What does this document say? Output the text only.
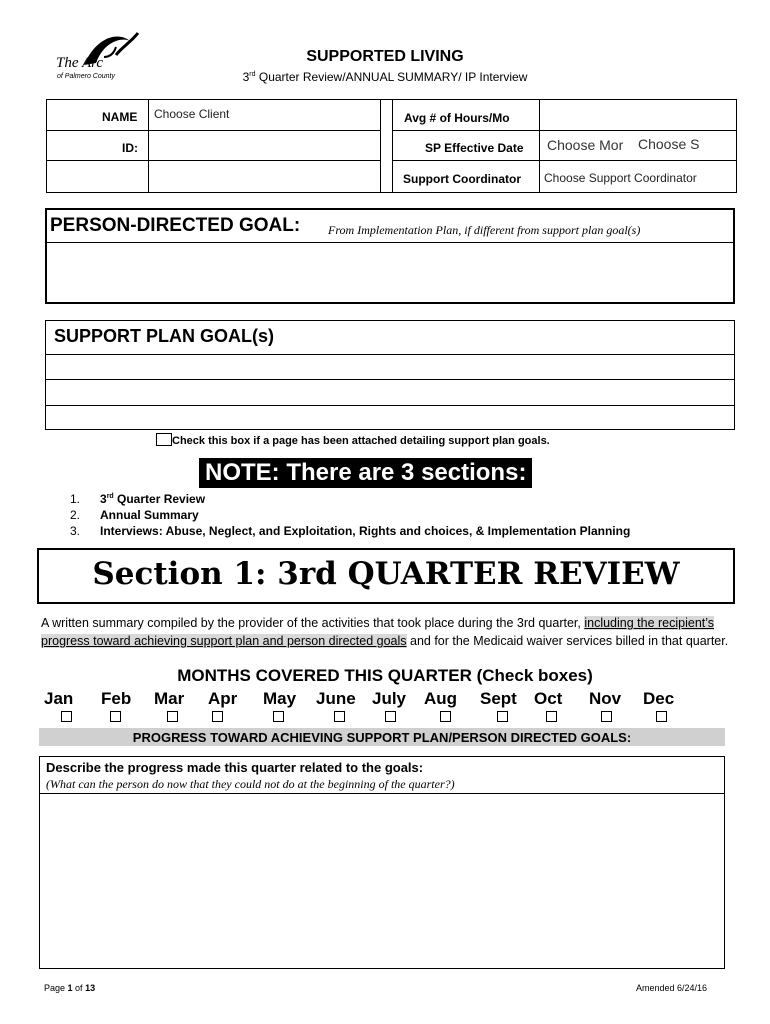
The Arc
of Palmero County
SUPPORTED LIVING
3rd Quarter Review/ANNUAL SUMMARY/ IP Interview
NAME Choose Client
ID:
Avg # of Hours/Mo
SP Effective Date Choose Mor Choose S
Support Coordinator Choose Support Coordinator
PERSON-DIRECTED GOAL: From Implementation Plan, if different from support plan goal(s)
SUPPORT PLAN GOAL(s)
Check this box if a page has been attached detailing support plan goals.
NOTE: There are 3 sections:
1. 3rd Quarter Review
2. Annual Summary
3. Interviews: Abuse, Neglect, and Exploitation, Rights and choices, & Implementation Planning
Section 1: 3rd QUARTER REVIEW
A written summary compiled by the provider of the activities that took place during the 3rd quarter, including the recipient’s progress toward achieving support plan and person directed goals and for the Medicaid waiver services billed in that quarter.
MONTHS COVERED THIS QUARTER (Check boxes)
Jan Feb Mar Apr May June July Aug Sept Oct Nov Dec
PROGRESS TOWARD ACHIEVING SUPPORT PLAN/PERSON DIRECTED GOALS:
Describe the progress made this quarter related to the goals:
(What can the person do now that they could not do at the beginning of the quarter?)
Page 1 of 13	Amended 6/24/16
